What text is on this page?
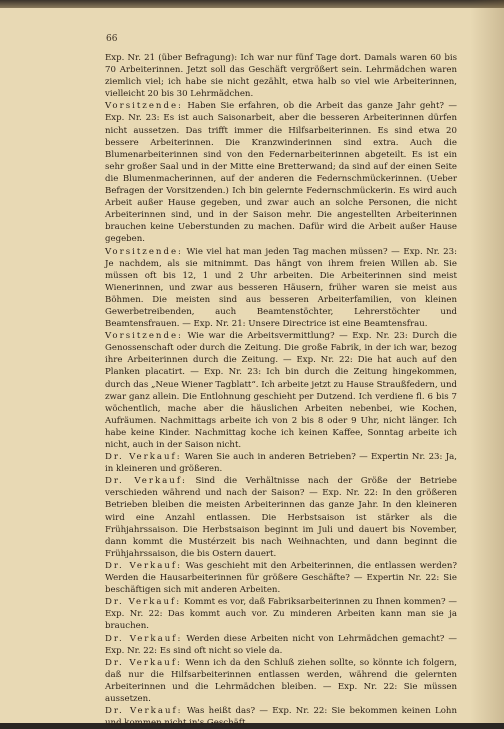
66

Exp. Nr. 21 (über Befragung): Ich war nur fünf Tage dort. Damals waren 60 bis 70 Arbeiterinnen. Jetzt soll das Geschäft vergrößert sein. Lehrmädchen waren ziemlich viel; ich habe sie nicht gezählt, etwa halb so viel wie Arbeiterinnen, vielleicht 20 bis 30 Lehrmädchen.

Vorsitzende: Haben Sie erfahren, ob die Arbeit das ganze Jahr geht? — Exp. Nr. 23: Es ist auch Saisonarbeit, aber die besseren Arbeiterinnen dürfen nicht aussetzen. Das trifft immer die Hilfsarbeiterinnen. Es sind etwa 20 bessere Arbeiterinnen. Die Kranzwinderinnen sind extra. Auch die Blumenarbeiterinnen sind von den Federnarbeiterinnen abgeteilt. Es ist ein sehr großer Saal und in der Mitte eine Bretterwand; da sind auf der einen Seite die Blumenmacherinnen, auf der anderen die Federnschmückerinnen. (Ueber Befragen der Vorsitzenden.) Ich bin gelernte Federnschmückerin. Es wird auch Arbeit außer Hause gegeben, und zwar auch an solche Personen, die nicht Arbeiterinnen sind, und in der Saison mehr. Die angestellten Arbeiterinnen brauchen keine Ueberstunden zu machen. Dafür wird die Arbeit außer Hause gegeben.

Vorsitzende: Wie viel hat man jeden Tag machen müssen? — Exp. Nr. 23: Je nachdem, als sie mitnimmt. Das hängt von ihrem freien Willen ab. Sie müssen oft bis 12, 1 und 2 Uhr arbeiten. Die Arbeiterinnen sind meist Wienerinnen, und zwar aus besseren Häusern, früher waren sie meist aus Böhmen. Die meisten sind aus besseren Arbeiterfamilien, von kleinen Gewerbetreibenden, auch Beamtenstöchter, Lehrerstöchter und Beamtensfrauen. — Exp. Nr. 21: Unsere Directrice ist eine Beamtensfrau.

Vorsitzende: Wie war die Arbeitsvermittlung? — Exp. Nr. 23: Durch die Genossenschaft oder durch die Zeitung. Die große Fabrik, in der ich war, bezog ihre Arbeiterinnen durch die Zeitung. — Exp. Nr. 22: Die hat auch auf den Planken placatirt. — Exp. Nr. 23: Ich bin durch die Zeitung hingekommen, durch das „Neue Wiener Tagblatt“. Ich arbeite jetzt zu Hause Straußfedern, und zwar ganz allein. Die Entlohnung geschieht per Dutzend. Ich verdiene fl. 6 bis 7 wöchentlich, mache aber die häuslichen Arbeiten nebenbei, wie Kochen, Aufräumen. Nachmittags arbeite ich von 2 bis 8 oder 9 Uhr, nicht länger. Ich habe keine Kinder. Nachmittag koche ich keinen Kaffee, Sonntag arbeite ich nicht, auch in der Saison nicht.

Dr. Verkauf: Waren Sie auch in anderen Betrieben? — Expertin Nr. 23: Ja, in kleineren und größeren.

Dr. Verkauf: Sind die Verhältnisse nach der Größe der Betriebe verschieden während und nach der Saison? — Exp. Nr. 22: In den größeren Betrieben bleiben die meisten Arbeiterinnen das ganze Jahr. In den kleineren wird eine Anzahl entlassen. Die Herbstsaison ist stärker als die Frühjahrssaison. Die Herbstsaison beginnt im Juli und dauert bis November, dann kommt die Mustérzeit bis nach Weihnachten, und dann beginnt die Frühjahrssaison, die bis Ostern dauert.

Dr. Verkauf: Was geschieht mit den Arbeiterinnen, die entlassen werden? Werden die Hausarbeiterinnen für größere Geschäfte? — Expertin Nr. 22: Sie beschäftigen sich mit anderen Arbeiten.

Dr. Verkauf: Kommt es vor, daß Fabriksarbeiterinnen zu Ihnen kommen? — Exp. Nr. 22: Das kommt auch vor. Zu minderen Arbeiten kann man sie ja brauchen.

Dr. Verkauf: Werden diese Arbeiten nicht von Lehrmädchen gemacht? — Exp. Nr. 22: Es sind oft nicht so viele da.

Dr. Verkauf: Wenn ich da den Schluß ziehen sollte, so könnte ich folgern, daß nur die Hilfsarbeiterinnen entlassen werden, während die gelernten Arbeiterinnen und die Lehrmädchen bleiben. — Exp. Nr. 22: Sie müssen aussetzen.

Dr. Verkauf: Was heißt das? — Exp. Nr. 22: Sie bekommen keinen Lohn und kommen nicht in's Geschäft.
